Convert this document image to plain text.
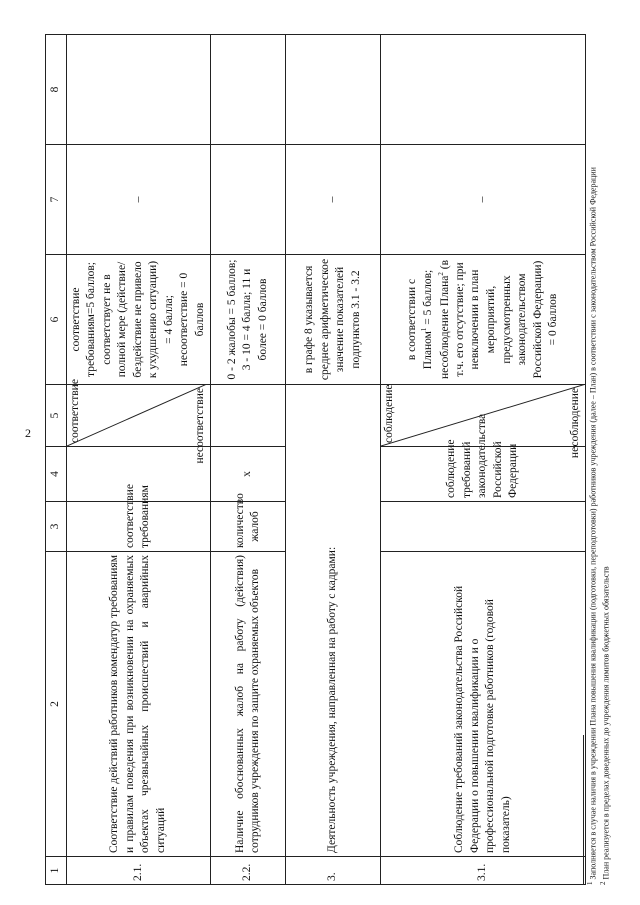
2
1	2	3	4	5	6	7	8
2.1.	Соответствие действий работников комендатур требованиям и правилам поведения при возникновении на охраняемых объектах чрезвычайных происшествий и аварийных ситуаций	соответствие требованиям		соответствие несоответствие	соответствие требованиям=5 баллов; соответствует не в полной мере (действие/бездействие не привело к ухудшению ситуации) = 4 балла; несоответствие = 0 баллов	–	
2.2.	Наличие обоснованных жалоб на работу (действия) сотрудников учреждения по защите охраняемых объектов	количество жалоб	х		0 - 2 жалобы = 5 баллов; 3 - 10 = 4 балла; 11 и более = 0 баллов		
3.	Деятельность учреждения, направленная на работу с кадрами:				в графе 8 указывается среднее арифметическое значение показателей подпунктов 3.1 - 3.2	–	
3.1.	Соблюдение требований законодательства Российской Федерации о повышении квалификации и о профессиональной подготовке работников (годовой показатель)		соблюдение требований законодательства Российской Федерации	соблюдение несоблюдение	в соответствии с Планом$^1$ = 5 баллов; несоблюдение Плана$^2$ (в т.ч. его отсутствие; при невключении в план мероприятий, предусмотренных законодательством Российской Федерации) = 0 баллов	–	
$^1$ Заполняется в случае наличия в учреждении Плана повышения квалификации (подготовки, переподготовки) работников учреждения (далее – План) в соответствии с законодательством Российской Федерации
$^2$ План реализуется в пределах доведенных до учреждения лимитов бюджетных обязательств
